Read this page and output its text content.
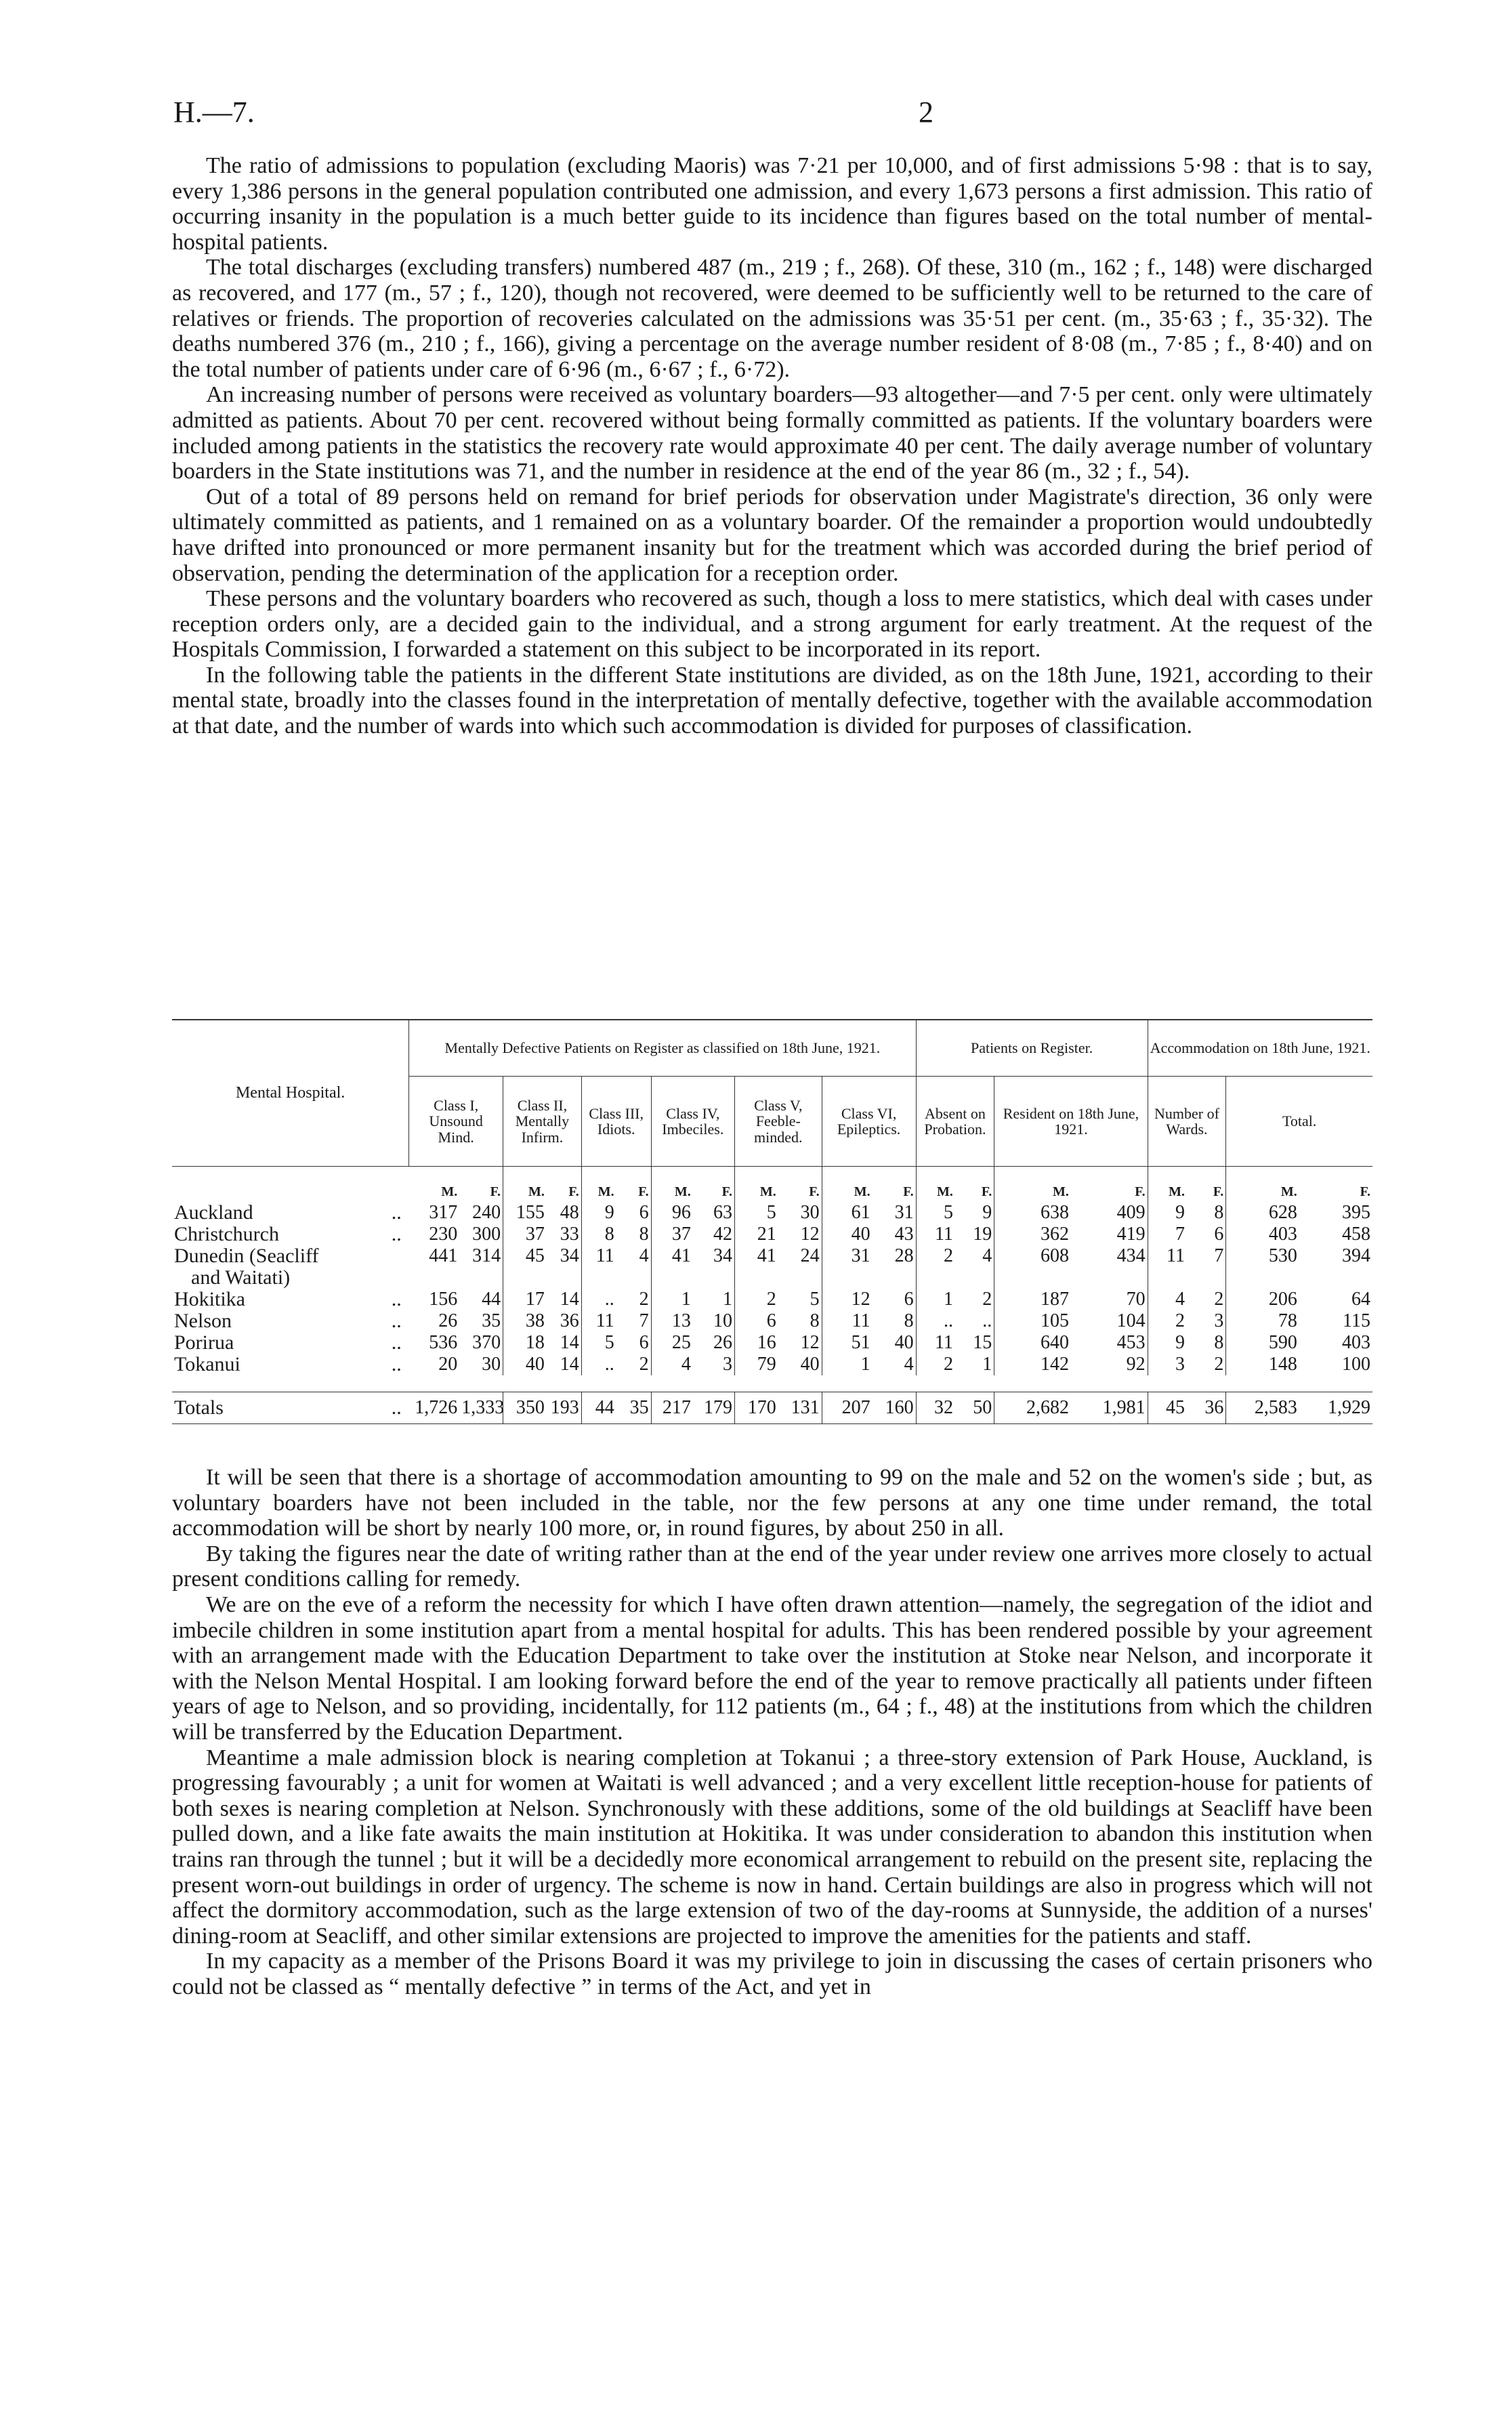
H.—7.	2

The ratio of admissions to population (excluding Maoris) was 7·21 per 10,000, and of first admissions 5·98 : that is to say, every 1,386 persons in the general population contributed one admission, and every 1,673 persons a first admission. This ratio of occurring insanity in the population is a much better guide to its incidence than figures based on the total number of mental-hospital patients.

The total discharges (excluding transfers) numbered 487 (m., 219 ; f., 268). Of these, 310 (m., 162 ; f., 148) were discharged as recovered, and 177 (m., 57 ; f., 120), though not recovered, were deemed to be sufficiently well to be returned to the care of relatives or friends. The proportion of recoveries calculated on the admissions was 35·51 per cent. (m., 35·63 ; f., 35·32). The deaths numbered 376 (m., 210 ; f., 166), giving a percentage on the average number resident of 8·08 (m., 7·85 ; f., 8·40) and on the total number of patients under care of 6·96 (m., 6·67 ; f., 6·72).

An increasing number of persons were received as voluntary boarders—93 altogether—and 7·5 per cent. only were ultimately admitted as patients. About 70 per cent. recovered without being formally committed as patients. If the voluntary boarders were included among patients in the statistics the recovery rate would approximate 40 per cent. The daily average number of voluntary boarders in the State institutions was 71, and the number in residence at the end of the year 86 (m., 32 ; f., 54).

Out of a total of 89 persons held on remand for brief periods for observation under Magistrate's direction, 36 only were ultimately committed as patients, and 1 remained on as a voluntary boarder. Of the remainder a proportion would undoubtedly have drifted into pronounced or more permanent insanity but for the treatment which was accorded during the brief period of observation, pending the determination of the application for a reception order.

These persons and the voluntary boarders who recovered as such, though a loss to mere statistics, which deal with cases under reception orders only, are a decided gain to the individual, and a strong argument for early treatment. At the request of the Hospitals Commission, I forwarded a statement on this subject to be incorporated in its report.

In the following table the patients in the different State institutions are divided, as on the 18th June, 1921, according to their mental state, broadly into the classes found in the interpretation of mentally defective, together with the available accommodation at that date, and the number of wards into which such accommodation is divided for purposes of classification.

Mental Hospital.	Mentally Defective Patients on Register as classified on 18th June, 1921.												Patients on Register.				Accommodation on 18th June, 1921.			
	Class I, Unsound Mind.		Class II, Mentally Infirm.		Class III, Idiots.		Class IV, Imbeciles.		Class V, Feeble-minded.		Class VI, Epileptics.		Absent on Probation.		Resident on 18th June, 1921.		Number of Wards.		Total.	
	M.	F.	M.	F.	M.	F.	M.	F.	M.	F.	M.	F.	M.	F.	M.	F.	M.	F.	M.	F.
Auckland ..	317	240	155	48	9	6	96	63	5	30	61	31	5	9	638	409	9	8	628	395
Christchurch ..	230	300	37	33	8	8	37	42	21	12	40	43	11	19	362	419	7	6	403	458
Dunedin (Seacliff	441	314	45	34	11	4	41	34	41	24	31	28	2	4	608	434	11	7	530	394
and Waitati)																				
Hokitika ..	156	44	17	14	..	2	1	1	2	5	12	6	1	2	187	70	4	2	206	64
Nelson ..	26	35	38	36	11	7	13	10	6	8	11	8	..	..	105	104	2	3	78	115
Porirua ..	536	370	18	14	5	6	25	26	16	12	51	40	11	15	640	453	9	8	590	403
Tokanui ..	20	30	40	14	..	2	4	3	79	40	1	4	2	1	142	92	3	2	148	100

Totals ..	1,726	1,333	350	193	44	35	217	179	170	131	207	160	32	50	2,682	1,981	45	36	2,583	1,929

It will be seen that there is a shortage of accommodation amounting to 99 on the male and 52 on the women's side ; but, as voluntary boarders have not been included in the table, nor the few persons at any one time under remand, the total accommodation will be short by nearly 100 more, or, in round figures, by about 250 in all.

By taking the figures near the date of writing rather than at the end of the year under review one arrives more closely to actual present conditions calling for remedy.

We are on the eve of a reform the necessity for which I have often drawn attention—namely, the segregation of the idiot and imbecile children in some institution apart from a mental hospital for adults. This has been rendered possible by your agreement with an arrangement made with the Education Department to take over the institution at Stoke near Nelson, and incorporate it with the Nelson Mental Hospital. I am looking forward before the end of the year to remove practically all patients under fifteen years of age to Nelson, and so providing, incidentally, for 112 patients (m., 64 ; f., 48) at the institutions from which the children will be transferred by the Education Department.

Meantime a male admission block is nearing completion at Tokanui ; a three-story extension of Park House, Auckland, is progressing favourably ; a unit for women at Waitati is well advanced ; and a very excellent little reception-house for patients of both sexes is nearing completion at Nelson. Synchronously with these additions, some of the old buildings at Seacliff have been pulled down, and a like fate awaits the main institution at Hokitika. It was under consideration to abandon this institution when trains ran through the tunnel ; but it will be a decidedly more economical arrangement to rebuild on the present site, replacing the present worn-out buildings in order of urgency. The scheme is now in hand. Certain buildings are also in progress which will not affect the dormitory accommodation, such as the large extension of two of the day-rooms at Sunnyside, the addition of a nurses' dining-room at Seacliff, and other similar extensions are projected to improve the amenities for the patients and staff.

In my capacity as a member of the Prisons Board it was my privilege to join in discussing the cases of certain prisoners who could not be classed as “ mentally defective ” in terms of the Act, and yet in
